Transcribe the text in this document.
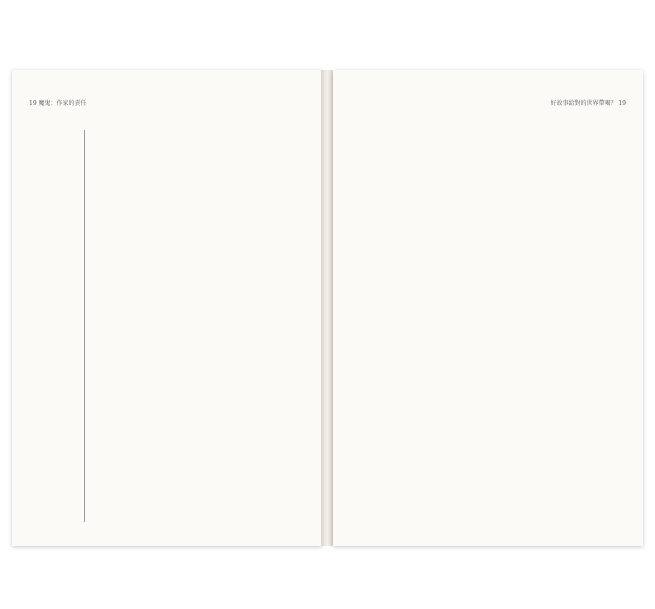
19 魔鬼：作家的責任	好故事給對的世界帶喝？ 19
